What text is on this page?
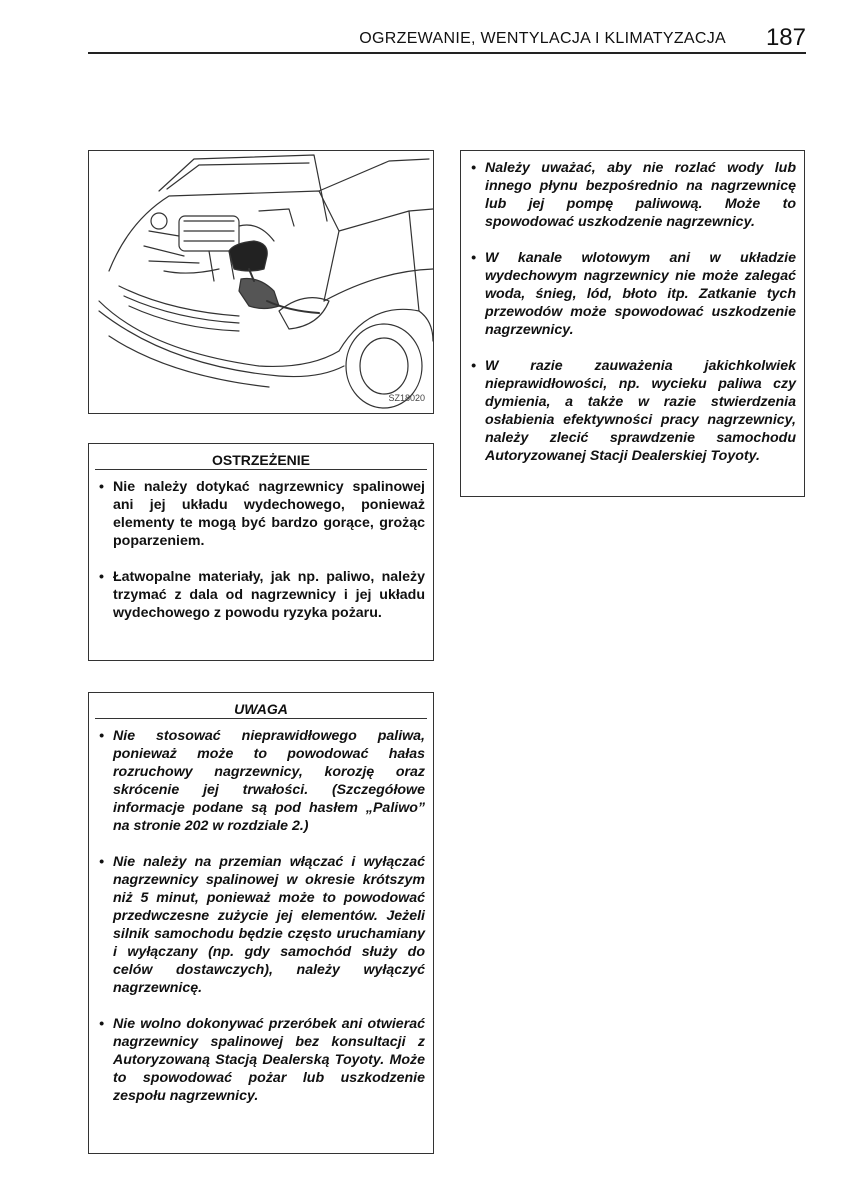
OGRZEWANIE, WENTYLACJA I KLIMATYZACJA 187
SZ18020
• Należy uważać, aby nie rozlać wody lub innego płynu bezpośrednio na nagrzewnicę lub jej pompę paliwową. Może to spowodować uszkodzenie nagrzewnicy.
• W kanale wlotowym ani w układzie wydechowym nagrzewnicy nie może zalegać woda, śnieg, lód, błoto itp. Zatkanie tych przewodów może spowodować uszkodzenie nagrzewnicy.
• W razie zauważenia jakichkolwiek nieprawidłowości, np. wycieku paliwa czy dymienia, a także w razie stwierdzenia osłabienia efektywności pracy nagrzewnicy, należy zlecić sprawdzenie samochodu Autoryzowanej Stacji Dealerskiej Toyoty.
OSTRZEŻENIE
• Nie należy dotykać nagrzewnicy spalinowej ani jej układu wydechowego, ponieważ elementy te mogą być bardzo gorące, grożąc poparzeniem.
• Łatwopalne materiały, jak np. paliwo, należy trzymać z dala od nagrzewnicy i jej układu wydechowego z powodu ryzyka pożaru.
UWAGA
• Nie stosować nieprawidłowego paliwa, ponieważ może to powodować hałas rozruchowy nagrzewnicy, korozję oraz skrócenie jej trwałości. (Szczegółowe informacje podane są pod hasłem „Paliwo” na stronie 202 w rozdziale 2.)
• Nie należy na przemian włączać i wyłączać nagrzewnicy spalinowej w okresie krótszym niż 5 minut, ponieważ może to powodować przedwczesne zużycie jej elementów. Jeżeli silnik samochodu będzie często uruchamiany i wyłączany (np. gdy samochód służy do celów dostawczych), należy wyłączyć nagrzewnicę.
• Nie wolno dokonywać przeróbek ani otwierać nagrzewnicy spalinowej bez konsultacji z Autoryzowaną Stacją Dealerską Toyoty. Może to spowodować pożar lub uszkodzenie zespołu nagrzewnicy.
